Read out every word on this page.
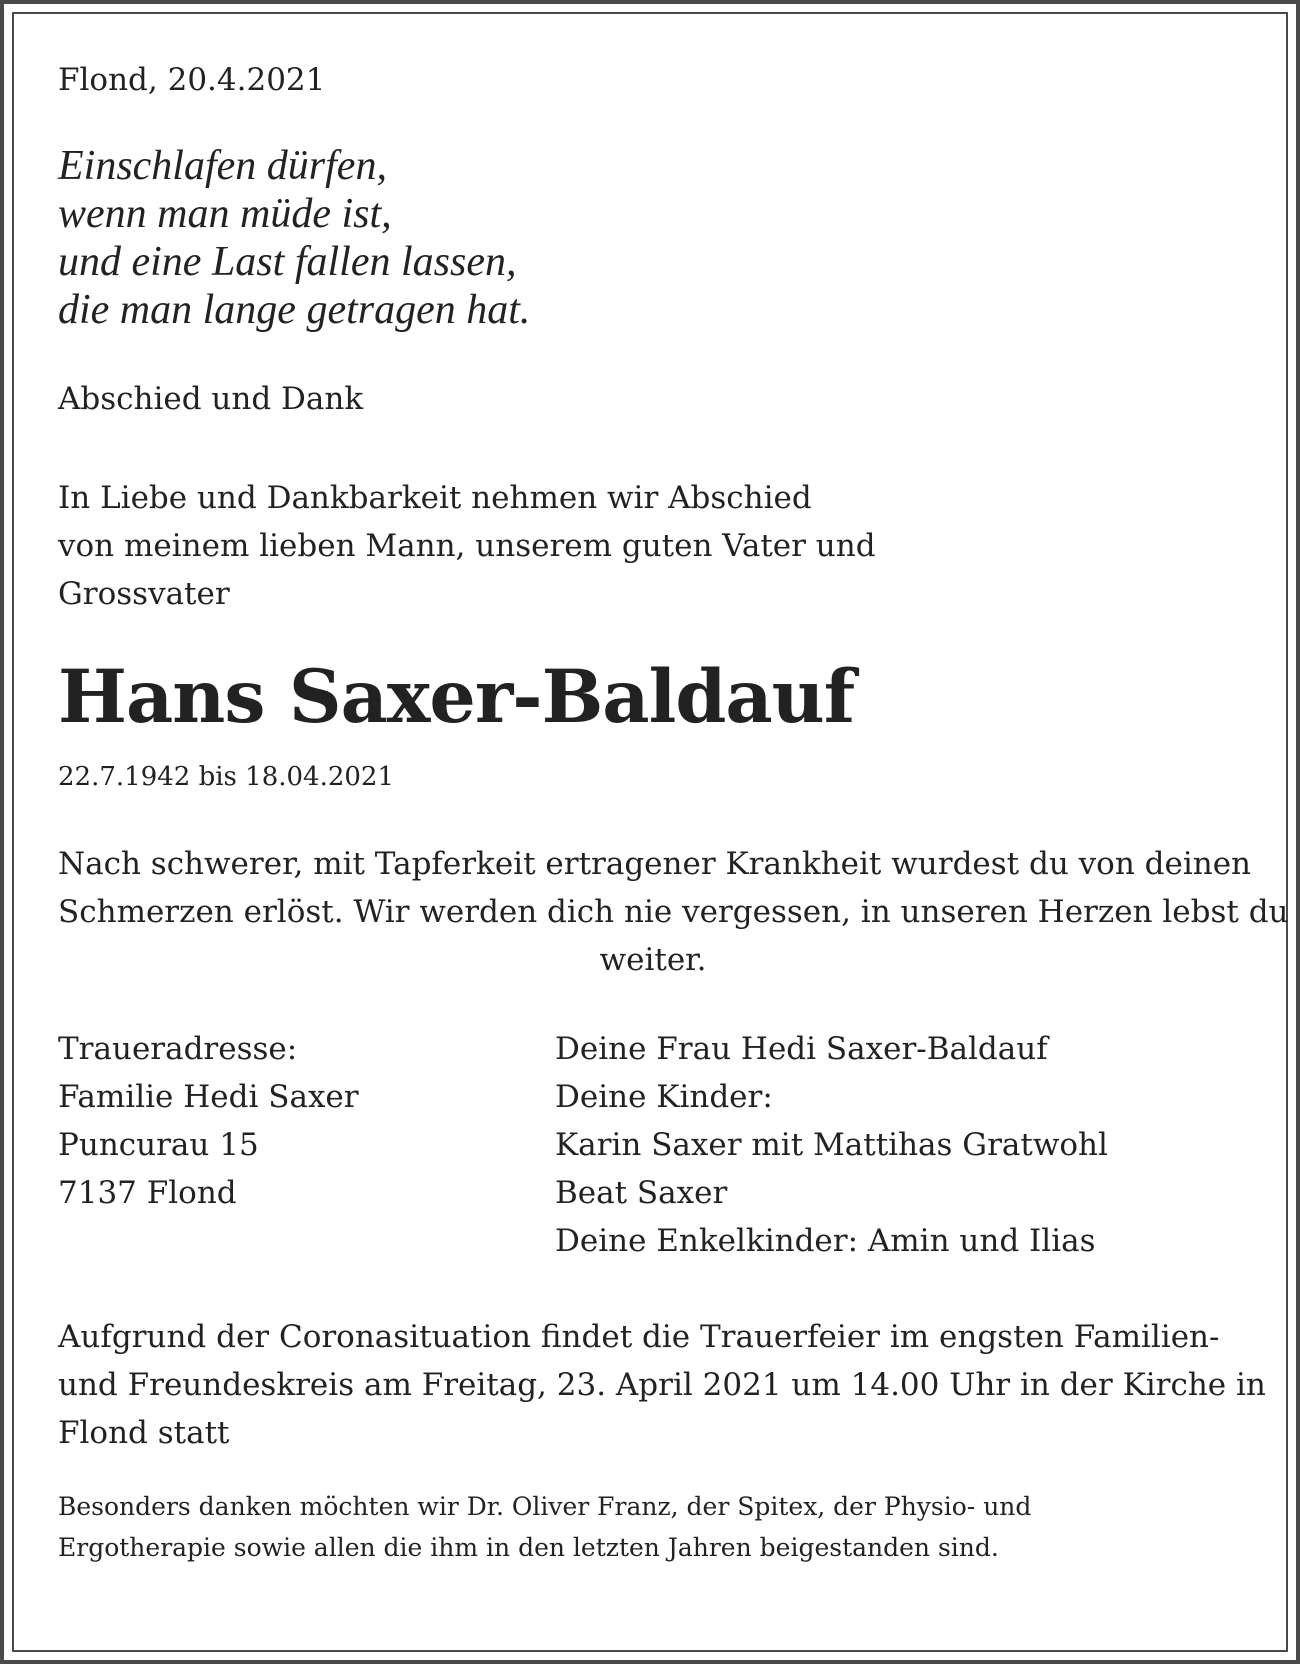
Flond, 20.4.2021
Einschlafen dürfen,
wenn man müde ist,
und eine Last fallen lassen,
die man lange getragen hat.
Abschied und Dank
In Liebe und Dankbarkeit nehmen wir Abschied
von meinem lieben Mann, unserem guten Vater und
Grossvater
Hans Saxer-Baldauf
22.7.1942 bis 18.04.2021
Nach schwerer, mit Tapferkeit ertragener Krankheit wurdest du von deinen
Schmerzen erlöst. Wir werden dich nie vergessen, in unseren Herzen lebst du
weiter.
Traueradresse:
Familie Hedi Saxer
Puncurau 15
7137 Flond
Deine Frau Hedi Saxer-Baldauf
Deine Kinder:
Karin Saxer mit Mattihas Gratwohl
Beat Saxer
Deine Enkelkinder: Amin und Ilias
Aufgrund der Coronasituation findet die Trauerfeier im engsten Familien-
und Freundeskreis am Freitag, 23. April 2021 um 14.00 Uhr in der Kirche in
Flond statt
Besonders danken möchten wir Dr. Oliver Franz, der Spitex, der Physio- und
Ergotherapie sowie allen die ihm in den letzten Jahren beigestanden sind.
